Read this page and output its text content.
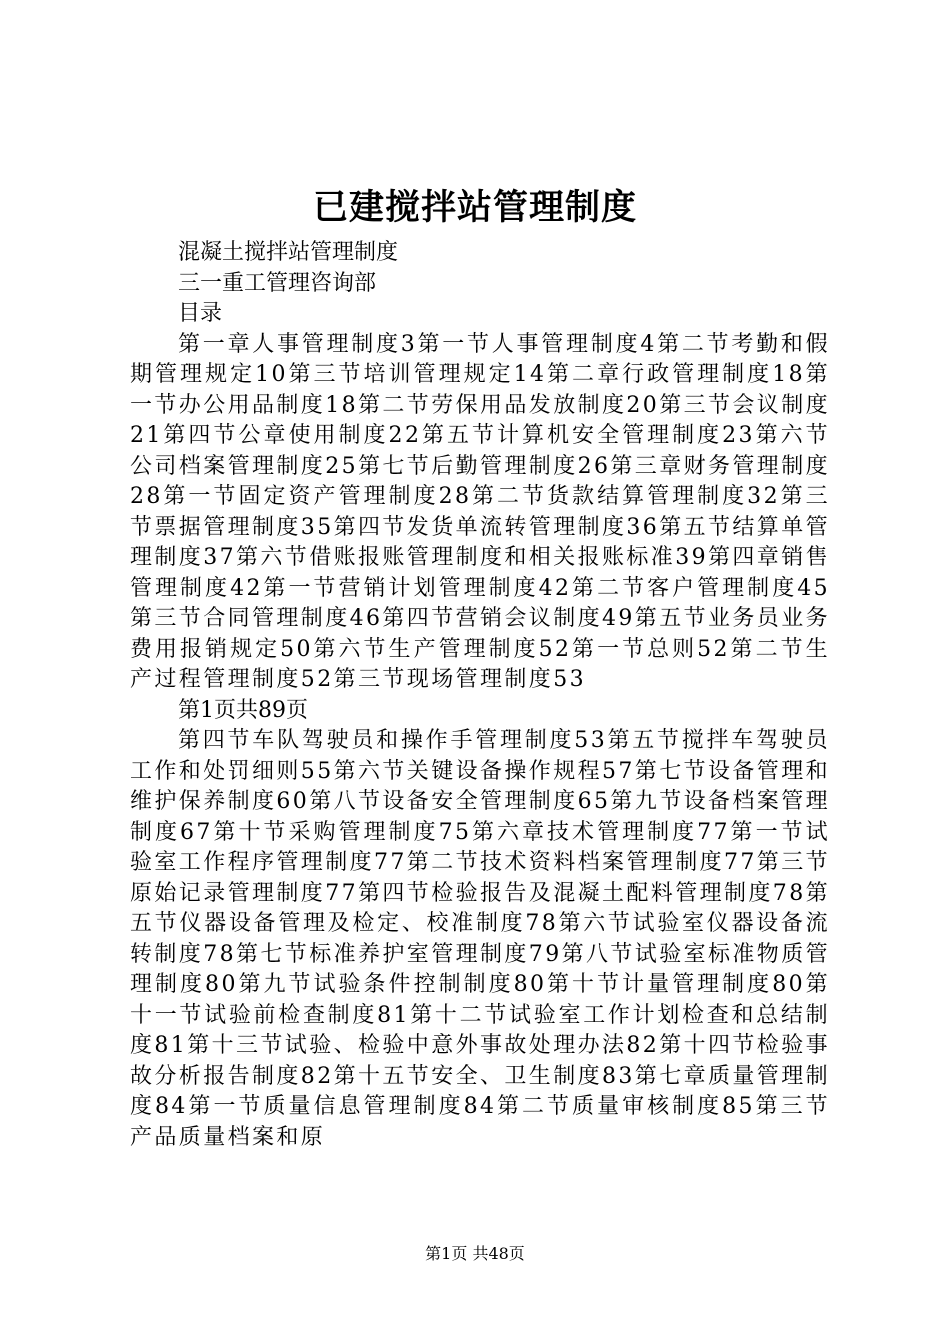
已建搅拌站管理制度

混凝土搅拌站管理制度

三一重工管理咨询部

目录

第一章人事管理制度3第一节人事管理制度4第二节考勤和假期管理规定10第三节培训管理规定14第二章行政管理制度18第一节办公用品制度18第二节劳保用品发放制度20第三节会议制度21第四节公章使用制度22第五节计算机安全管理制度23第六节公司档案管理制度25第七节后勤管理制度26第三章财务管理制度28第一节固定资产管理制度28第二节货款结算管理制度32第三节票据管理制度35第四节发货单流转管理制度36第五节结算单管理制度37第六节借账报账管理制度和相关报账标准39第四章销售管理制度42第一节营销计划管理制度42第二节客户管理制度45第三节合同管理制度46第四节营销会议制度49第五节业务员业务费用报销规定50第六节生产管理制度52第一节总则52第二节生产过程管理制度52第三节现场管理制度53

第1页共89页

第四节车队驾驶员和操作手管理制度53第五节搅拌车驾驶员工作和处罚细则55第六节关键设备操作规程57第七节设备管理和维护保养制度60第八节设备安全管理制度65第九节设备档案管理制度67第十节采购管理制度75第六章技术管理制度77第一节试验室工作程序管理制度77第二节技术资料档案管理制度77第三节原始记录管理制度77第四节检验报告及混凝土配料管理制度78第五节仪器设备管理及检定、校准制度78第六节试验室仪器设备流转制度78第七节标准养护室管理制度79第八节试验室标准物质管理制度80第九节试验条件控制制度80第十节计量管理制度80第十一节试验前检查制度81第十二节试验室工作计划检查和总结制度81第十三节试验、检验中意外事故处理办法82第十四节检验事故分析报告制度82第十五节安全、卫生制度83第七章质量管理制度84第一节质量信息管理制度84第二节质量审核制度85第三节产品质量档案和原

第1页 共48页
